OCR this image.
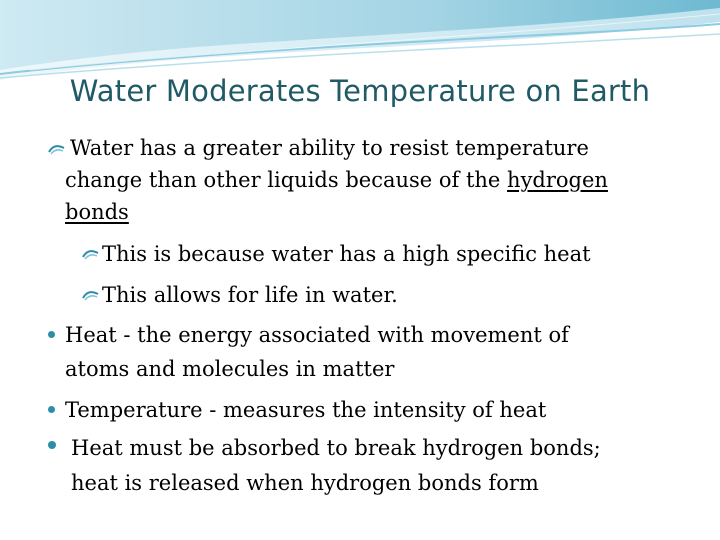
Water Moderates Temperature on Earth
Water has a greater ability to resist temperature
change than other liquids because of the hydrogen
bonds
This is because water has a high specific heat
This allows for life in water.
Heat - the energy associated with movement of
atoms and molecules in matter
Temperature - measures the intensity of heat
Heat must be absorbed to break hydrogen bonds;
heat is released when hydrogen bonds form
